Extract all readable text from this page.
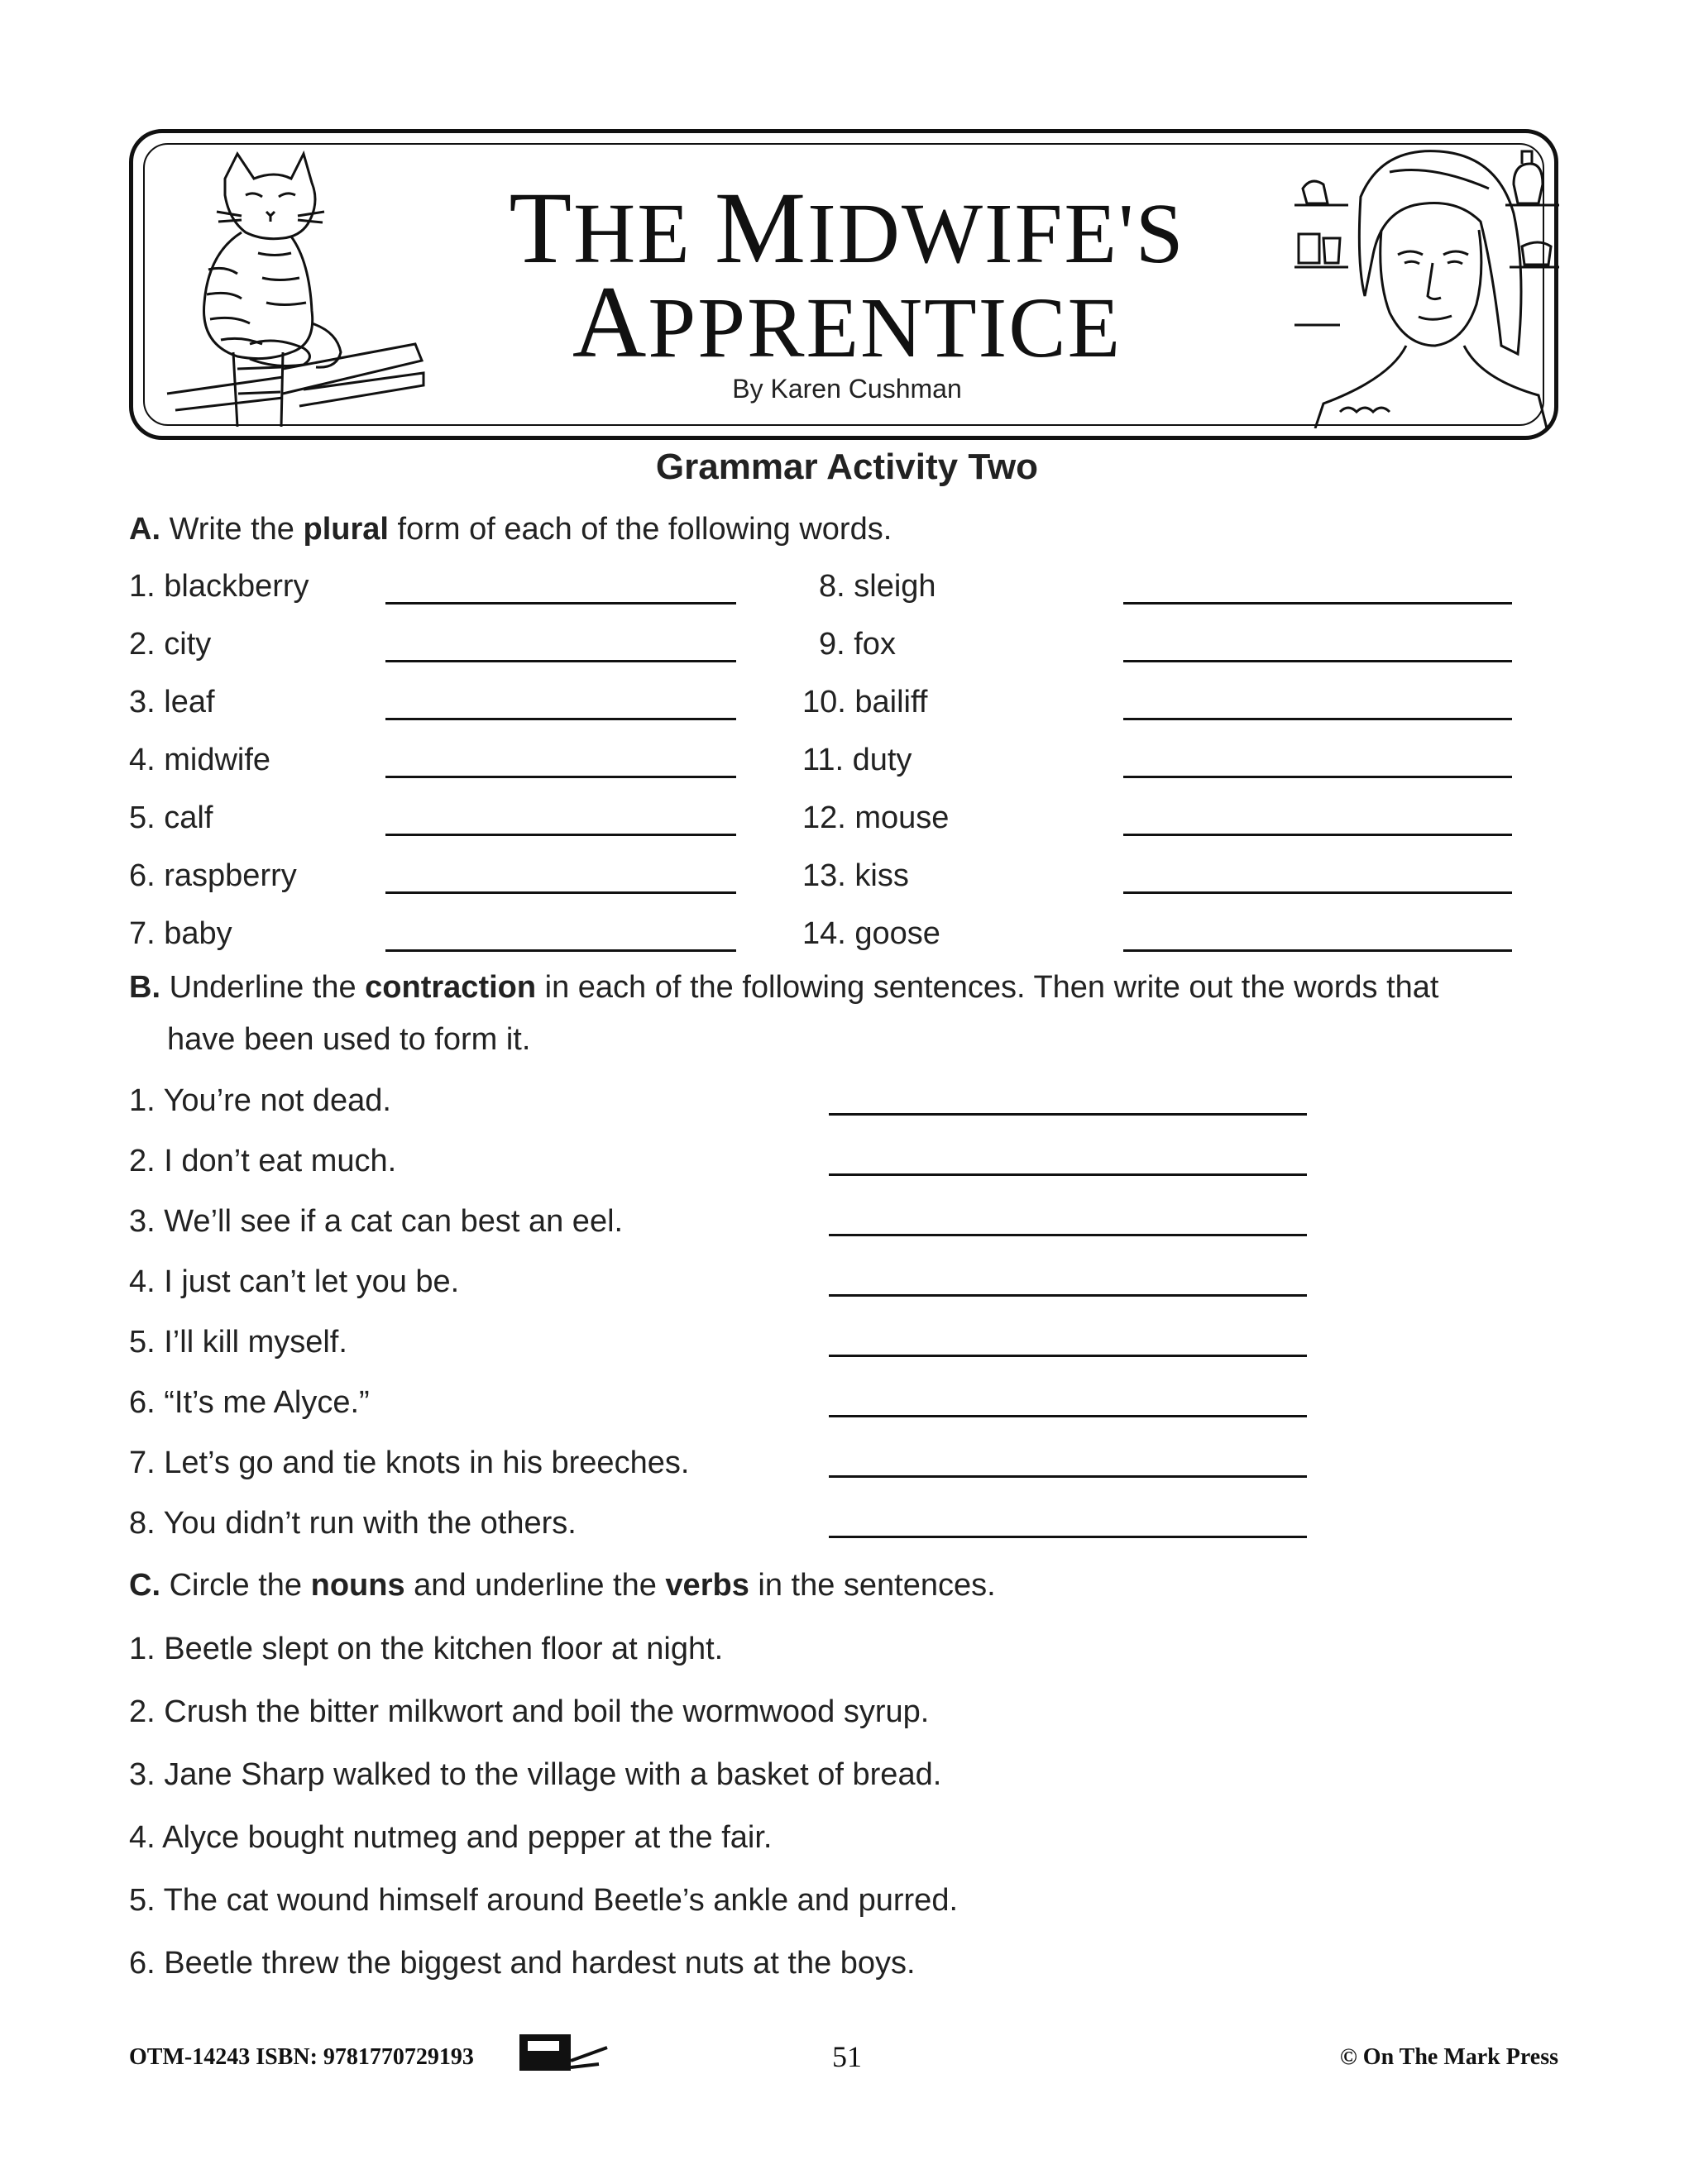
THE MIDWIFE'S
APPRENTICE
By Karen Cushman
Grammar Activity Two
A. Write the plural form of each of the following words.
1. blackberry
2. city
3. leaf
4. midwife
5. calf
6. raspberry
7. baby
8. sleigh
9. fox
10. bailiff
11. duty
12. mouse
13. kiss
14. goose
B. Underline the contraction in each of the following sentences. Then write out the words that
have been used to form it.
1. You’re not dead.
2. I don’t eat much.
3. We’ll see if a cat can best an eel.
4. I just can’t let you be.
5. I’ll kill myself.
6. “It’s me Alyce.”
7. Let’s go and tie knots in his breeches.
8. You didn’t run with the others.
C. Circle the nouns and underline the verbs in the sentences.
1. Beetle slept on the kitchen floor at night.
2. Crush the bitter milkwort and boil the wormwood syrup.
3. Jane Sharp walked to the village with a basket of bread.
4. Alyce bought nutmeg and pepper at the fair.
5. The cat wound himself around Beetle’s ankle and purred.
6. Beetle threw the biggest and hardest nuts at the boys.
OTM-14243 ISBN: 9781770729193	51	© On The Mark Press
